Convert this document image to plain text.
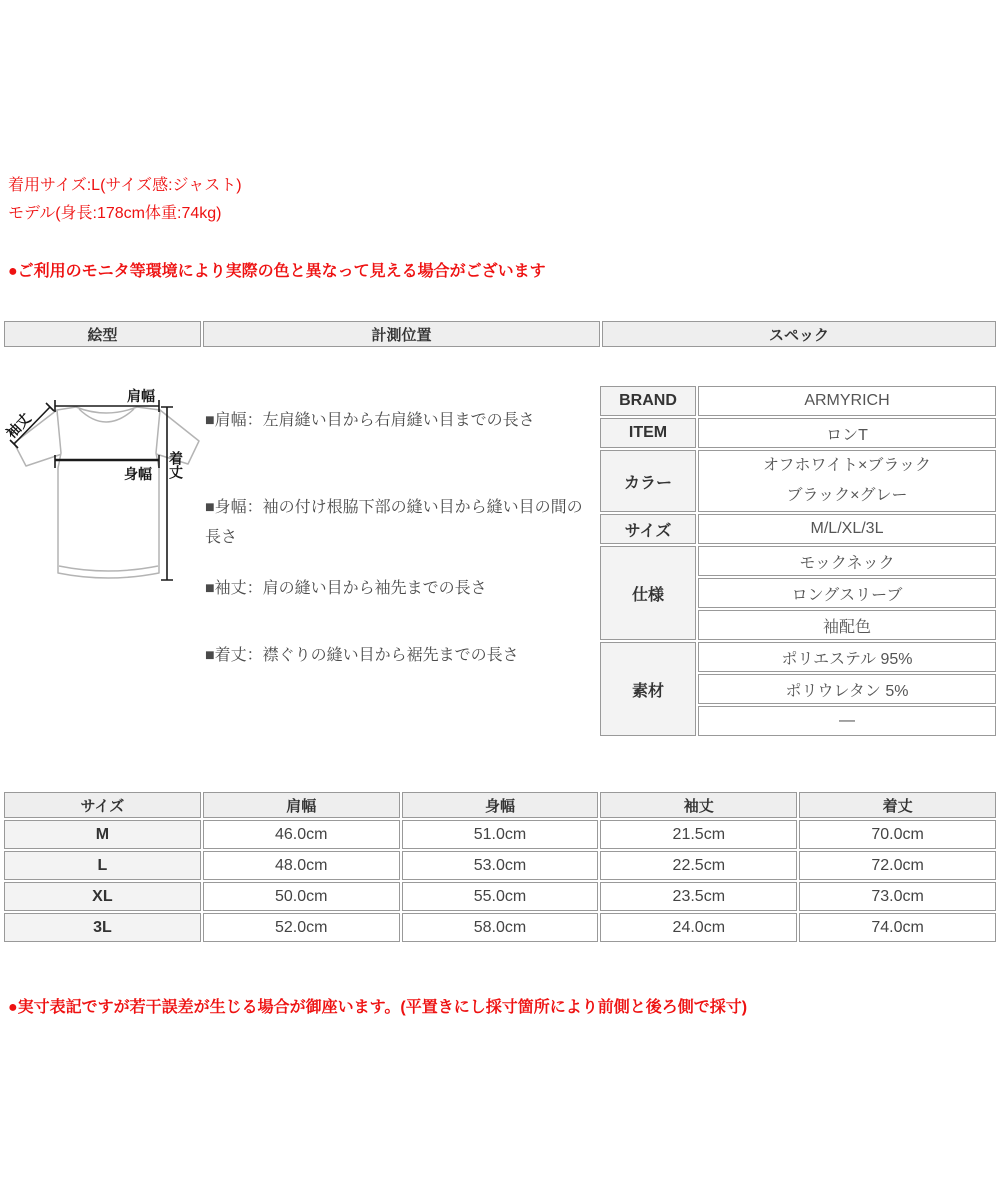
着用サイズ:L(サイズ感:ジャスト)
モデル(身長:178cm体重:74kg)
●ご利用のモニタ等環境により実際の色と異なって見える場合がございます
絵型	計測位置	スペック
肩幅
袖丈
身幅 着丈
■肩幅：左肩縫い目から右肩縫い目までの長さ
■身幅：袖の付け根脇下部の縫い目から縫い目の間の長さ
■袖丈：肩の縫い目から袖先までの長さ
■着丈：襟ぐりの縫い目から裾先までの長さ
BRAND	ARMYRICH
ITEM	ロンT
カラー	オフホワイト×ブラック
ブラック×グレー

サイズ	M/L/XL/3L
仕様	モックネック
	ロングスリーブ
	袖配色
素材	ポリエステル 95%
	ポリウレタン 5%
	—
サイズ	肩幅	身幅	袖丈	着丈
M	46.0cm	51.0cm	21.5cm	70.0cm
L	48.0cm	53.0cm	22.5cm	72.0cm
XL	50.0cm	55.0cm	23.5cm	73.0cm
3L	52.0cm	58.0cm	24.0cm	74.0cm
●実寸表記ですが若干誤差が生じる場合が御座います。(平置きにし採寸箇所により前側と後ろ側で採寸)
